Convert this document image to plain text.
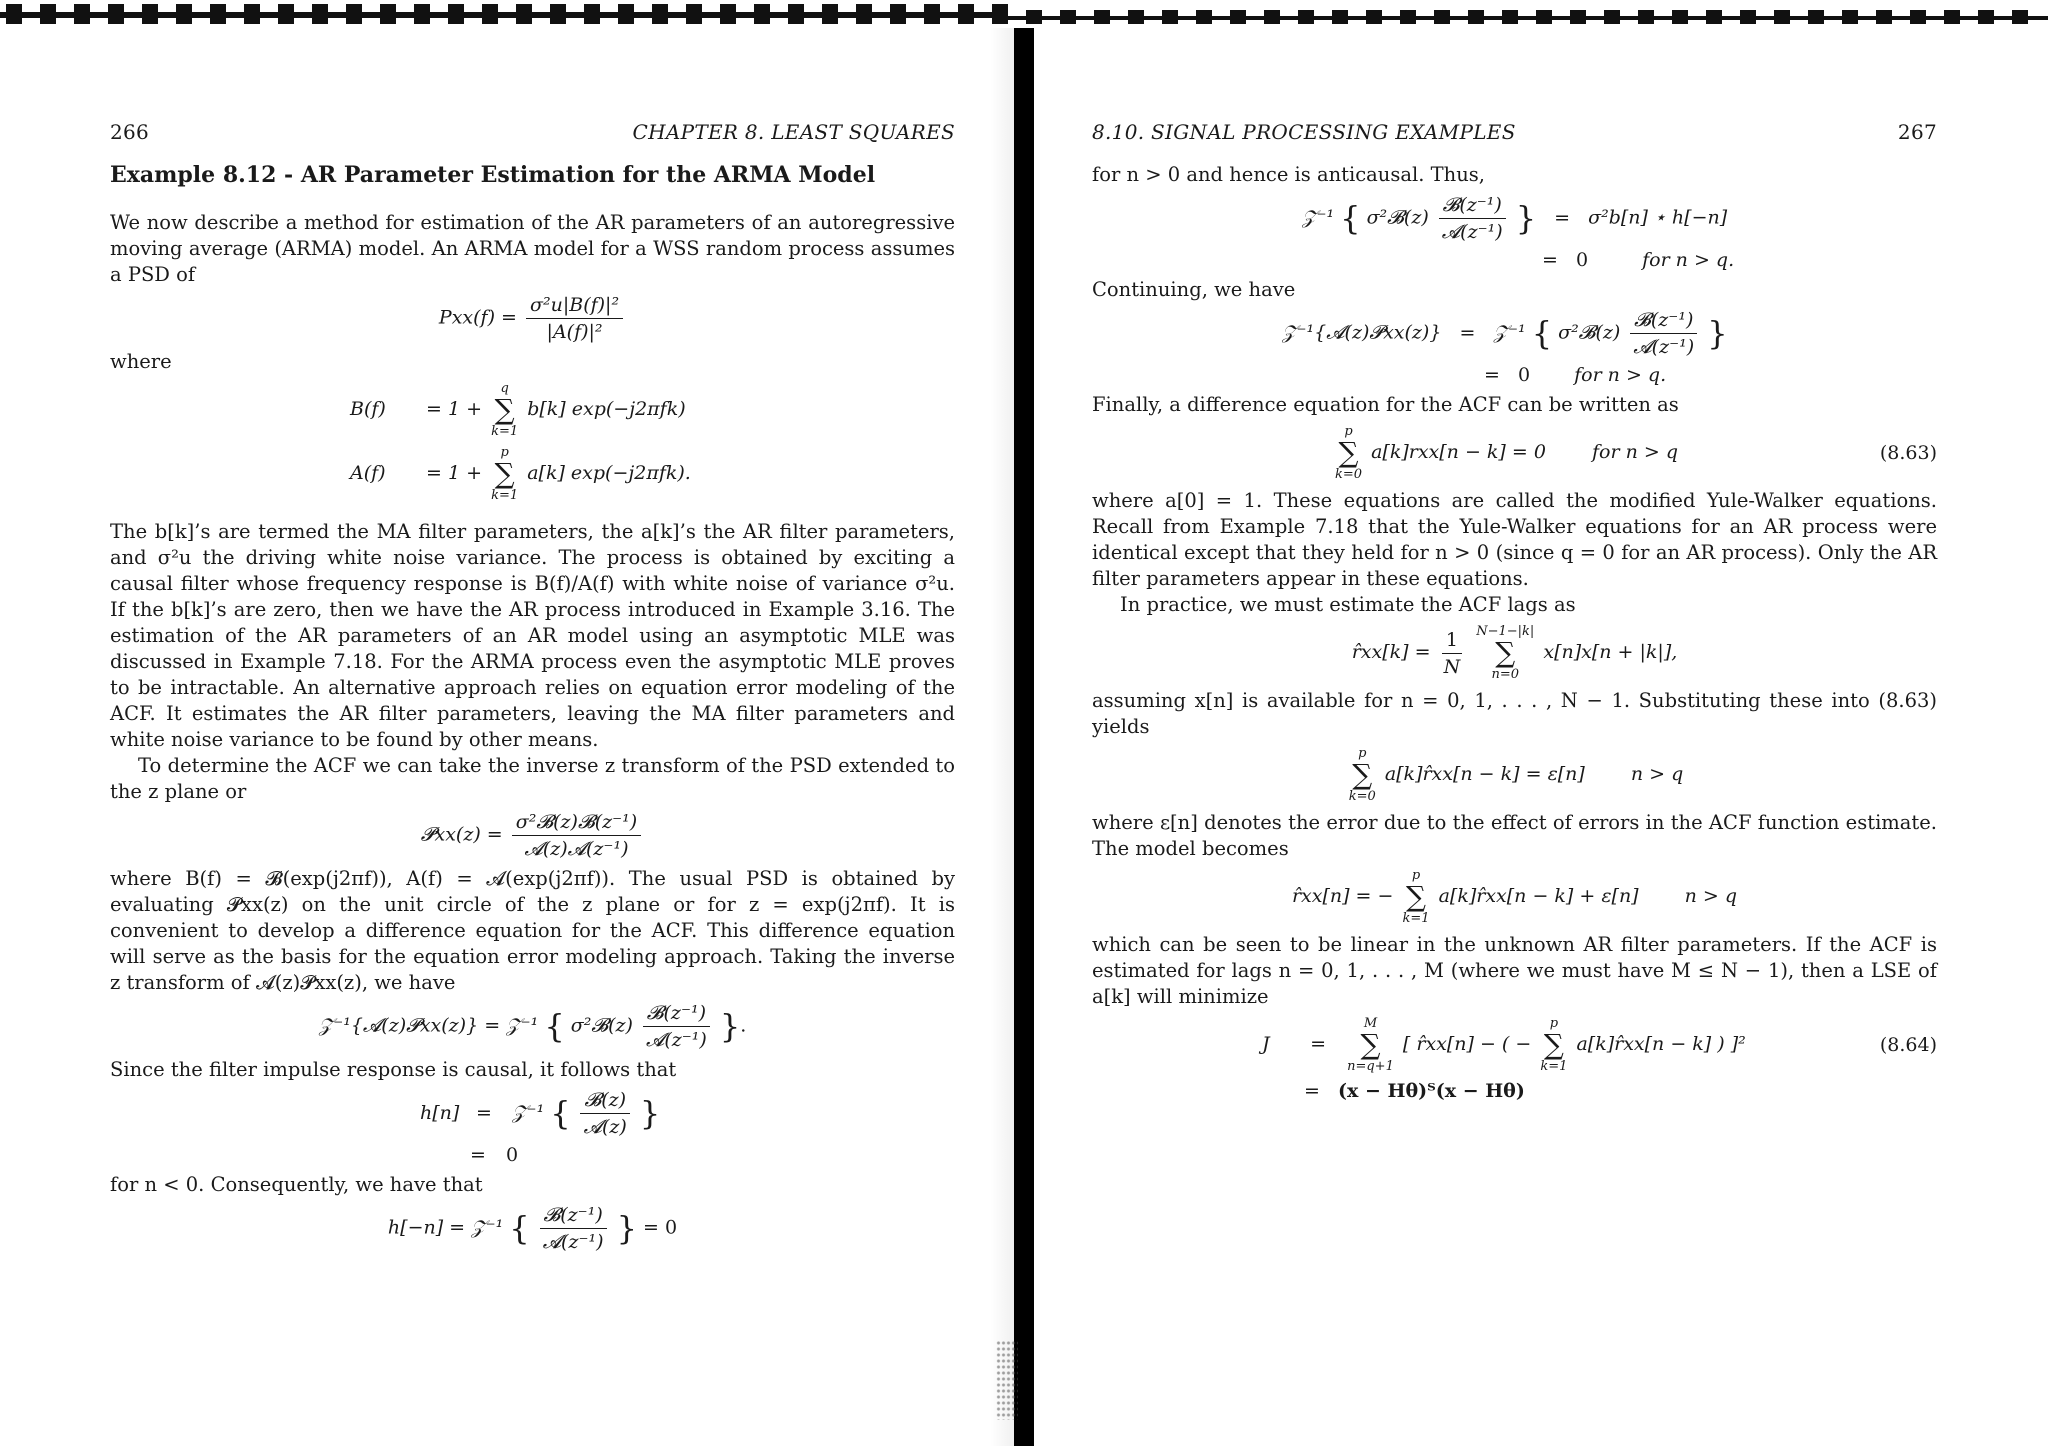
266	CHAPTER 8. LEAST SQUARES
Example 8.12 - AR Parameter Estimation for the ARMA Model

We now describe a method for estimation of the AR parameters of an autoregressive moving average (ARMA) model. An ARMA model for a WSS random process assumes a PSD of

$Pxx(f) = \frac{\text{σ²u|B(f)|²}}{\text{|A(f)|²}}$

where

B(f) = 1 +
q
∑
k=1
b[k] exp(−j2πfk)
A(f) = 1 +
p
∑
k=1
a[k] exp(−j2πfk).

The b[k]’s are termed the MA filter parameters, the a[k]’s the AR filter parameters, and σ²u the driving white noise variance. The process is obtained by exciting a causal filter whose frequency response is B(f)/A(f) with white noise of variance σ²u. If the b[k]’s are zero, then we have the AR process introduced in Example 3.16. The estimation of the AR parameters of an AR model using an asymptotic MLE was discussed in Example 7.18. For the ARMA process even the asymptotic MLE proves to be intractable. An alternative approach relies on equation error modeling of the ACF. It estimates the AR filter parameters, leaving the MA filter parameters and white noise variance to be found by other means.

To determine the ACF we can take the inverse z transform of the PSD extended to the z plane or

𝓟xx(z) = $\frac{\text{σ²𝓑(z)𝓑(z⁻¹)}}{\text{𝓐(z)𝓐(z⁻¹)}}$

where B(f) = 𝓑(exp(j2πf)), A(f) = 𝓐(exp(j2πf)). The usual PSD is obtained by evaluating 𝓟xx(z) on the unit circle of the z plane or for z = exp(j2πf). It is convenient to develop a difference equation for the ACF. This difference equation will serve as the basis for the equation error modeling approach. Taking the inverse z transform of 𝓐(z)𝓟xx(z), we have

𝒵⁻¹{𝓐(z)𝓟xx(z)} = 𝒵⁻¹ { σ²𝓑(z) $\frac{\text{𝓑(z⁻¹)}}{\text{𝓐(z⁻¹)}}$ }.

Since the filter impulse response is causal, it follows that

h[n] = 𝒵⁻¹ { $\frac{\text{𝓑(z)}}{\text{𝓐(z)}}$ }
= 0

for n < 0. Consequently, we have that

h[−n] = 𝒵⁻¹ { $\frac{\text{𝓑(z⁻¹)}}{\text{𝓐(z⁻¹)}}$ } = 0
8.10. SIGNAL PROCESSING EXAMPLES	267

for n > 0 and hence is anticausal. Thus,

𝒵⁻¹ { σ²𝓑(z) $\frac{\text{𝓑(z⁻¹)}}{\text{𝓐(z⁻¹)}}$ } = σ²b[n] ⋆ h[−n]
= 0	for n > q.

Continuing, we have

𝒵⁻¹{𝓐(z)𝓟xx(z)} = 𝒵⁻¹ { σ²𝓑(z) $\frac{\text{𝓑(z⁻¹)}}{\text{𝓐(z⁻¹)}}$ }
= 0 for n > q.

Finally, a difference equation for the ACF can be written as

p
∑
k=0
a[k]rxx[n − k] = 0 for n > q	(8.63)

where a[0] = 1. These equations are called the modified Yule-Walker equations. Recall from Example 7.18 that the Yule-Walker equations for an AR process were identical except that they held for n > 0 (since q = 0 for an AR process). Only the AR filter parameters appear in these equations.

In practice, we must estimate the ACF lags as

r̂xx[k] = $\frac{1}{N}$
N−1−|k|
∑
n=0
x[n]x[n + |k|],

assuming x[n] is available for n = 0, 1, . . . , N − 1. Substituting these into (8.63) yields

p
∑
k=0
a[k]r̂xx[n − k] = ε[n] n > q

where ε[n] denotes the error due to the effect of errors in the ACF function estimate. The model becomes

r̂xx[n] = −
p
∑
k=1
a[k]r̂xx[n − k] + ε[n] n > q

which can be seen to be linear in the unknown AR filter parameters. If the ACF is estimated for lags n = 0, 1, . . . , M (where we must have M ≤ N − 1), then a LSE of a[k] will minimize

J =
M
∑
n=q+1
[ r̂xx[n] − ( −
p
∑
k=1
a[k]r̂xx[n − k] ) ]²	(8.64)
= (x − Hθ)ᵀ(x − Hθ)
